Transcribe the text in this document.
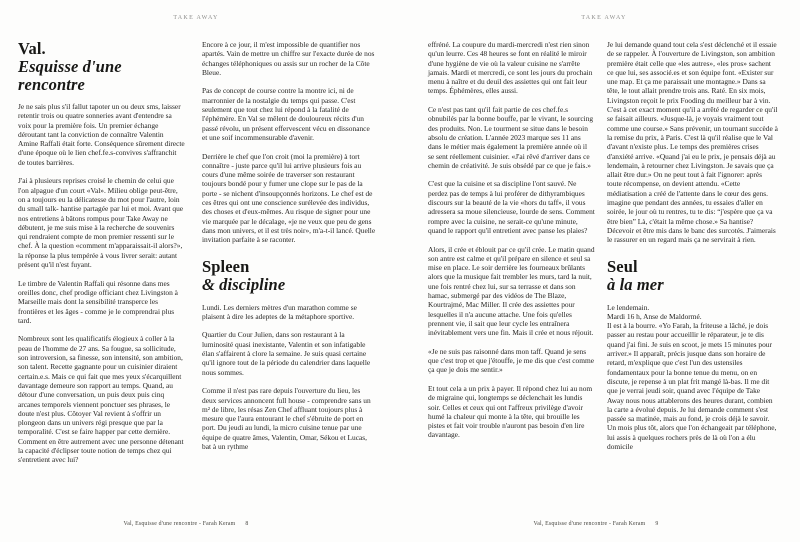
TAKE AWAY
Val.
Esquisse d'une
rencontre

Je ne sais plus s'il fallut tapoter un ou deux sms, laisser retentir trois ou quatre sonneries avant d'entendre sa voix pour la première fois. Un premier échange déroutant tant la conviction de connaître Valentin Amine Raffali était forte. Conséquence sûrement directe d'une époque où le lien chef.fe.s-convives s'affranchit de toutes barrières.

J'ai à plusieurs reprises croisé le chemin de celui que l'on alpague d'un court «Val». Milieu oblige peut-être, on a toujours eu la délicatesse du mot pour l'autre, loin du small talk- hantise partagée par lui et moi. Avant que nos entretiens à bâtons rompus pour Take Away ne débutent, je me suis mise à la recherche de souvenirs qui rendraient compte de mon premier ressenti sur le chef. À la question «comment m'apparaissait-il alors?», la réponse la plus tempérée à vous livrer serait: autant présent qu'il n'est fuyant.

Le timbre de Valentin Raffali qui résonne dans mes oreilles donc, chef prodige officiant chez Livingston à Marseille mais dont la sensibilité transperce les frontières et les âges - comme je le comprendrai plus tard.

Nombreux sont les qualificatifs élogieux à coller à la peau de l'homme de 27 ans. Sa fougue, sa sollicitude, son introversion, sa finesse, son intensité, son ambition, son talent. Recette gagnante pour un cuisinier diraient certain.e.s. Mais ce qui fait que mes yeux s'écarquillent davantage demeure son rapport au temps. Quand, au détour d'une conversation, un puis deux puis cinq arcanes temporels viennent ponctuer ses phrases, le doute n'est plus. Côtoyer Val revient à s'offrir un plongeon dans un univers régi presque que par la temporalité. C'est se faire happer par cette dernière. Comment en être autrement avec une personne détenant la capacité d'éclipser toute notion de temps chez qui s'entretient avec lui?

Encore à ce jour, il m'est impossible de quantifier nos apartés. Vain de mettre un chiffre sur l'exacte durée de nos échanges téléphoniques ou assis sur un rocher de la Côte Bleue.

Pas de concept de course contre la montre ici, ni de marronnier de la nostalgie du temps qui passe. C'est seulement que tout chez lui répond à la fatalité de l'éphémère. En Val se mêlent de douloureux récits d'un passé révolu, un présent effervescent vécu en dissonance et une soif incommensurable d'avenir.

Derrière le chef que l'on croit (moi la première) à tort connaître - juste parce qu'il lui arrive plusieurs fois au cours d'une même soirée de traverser son restaurant toujours bondé pour y fumer une clope sur le pas de la porte - se nichent d'insoupçonnés horizons. Le chef est de ces êtres qui ont une conscience surélevée des individus, des choses et d'eux-mêmes. Au risque de signer pour une vie marquée par le décalage, «je ne veux que peu de gens dans mon univers, et il est très noir», m'a-t-il lancé. Quelle invitation parfaite à se raconter.

Spleen
& discipline

Lundi. Les derniers mètres d'un marathon comme se plaisent à dire les adeptes de la métaphore sportive.

Quartier du Cour Julien, dans son restaurant à la luminosité quasi inexistante, Valentin et son infatigable élan s'affairent à clore la semaine. Je suis quasi certaine qu'il ignore tout de la période du calendrier dans laquelle nous sommes.

Comme il n'est pas rare depuis l'ouverture du lieu, les deux services annoncent full house - comprendre sans un m² de libre, les résas Zen Chef affluant toujours plus à mesure que l'aura entourant le chef s'ébruite de port en port. Du jeudi au lundi, la micro cuisine tenue par une équipe de quatre âmes, Valentin, Omar, Sékou et Lucas, bat à un rythme

Val, Esquisse d'une rencontre - Farah Keram 8
TAKE AWAY

effréné. La coupure du mardi-mercredi n'est rien sinon qu'un leurre. Ces 48 heures se font en réalité le miroir d'une hygiène de vie où la valeur cuisine ne s'arrête jamais. Mardi et mercredi, ce sont les jours du prochain menu à naître et du deuil des assiettes qui ont fait leur temps. Éphémères, elles aussi.

Ce n'est pas tant qu'il fait partie de ces chef.fe.s obnubilés par la bonne bouffe, par le vivant, le sourcing des produits. Non. Le tourment se situe dans le besoin absolu de création. L'année 2023 marque ses 11 ans dans le métier mais également la première année où il se sent réellement cuisinier. «J'ai rêvé d'arriver dans ce chemin de créativité. Je suis obsédé par ce que je fais.»

C'est que la cuisine et sa discipline l'ont sauvé. Ne perdez pas de temps à lui proférer de dithyrambiques discours sur la beauté de la vie «hors du taff», il vous adressera sa moue silencieuse, lourde de sens. Comment rompre avec la cuisine, ne serait-ce qu'une minute, quand le rapport qu'il entretient avec panse les plaies?

Alors, il crée et éblouit par ce qu'il crée. Le matin quand son antre est calme et qu'il prépare en silence et seul sa mise en place. Le soir derrière les fourneaux brûlants alors que la musique fait trembler les murs, tard la nuit, une fois rentré chez lui, sur sa terrasse et dans son hamac, submergé par des vidéos de The Blaze, Kourtrajmé, Mac Miller. Il crée des assiettes pour lesquelles il n'a aucune attache. Une fois qu'elles prennent vie, il sait que leur cycle les entraînera inévitablement vers une fin. Mais il crée et nous réjouit.

«Je ne suis pas raisonné dans mon taff. Quand je sens que c'est trop et que j'étouffe, je me dis que c'est comme ça que je dois me sentir.»

Et tout cela a un prix à payer. Il répond chez lui au nom de migraine qui, longtemps se déclenchait les lundis soir. Celles et ceux qui ont l'affreux privilège d'avoir humé la chaleur qui monte à la tête, qui brouille les pistes et fait voir trouble n'auront pas besoin d'en lire davantage.

Je lui demande quand tout cela s'est déclenché et il essaie de se rappeler. À l'ouverture de Livingston, son ambition première était celle que «les autres», «les pros» sachent ce que lui, ses associé.es et son équipe font. «Exister sur une map. Et ça me paraissait une montagne.» Dans sa tête, le tout allait prendre trois ans. Raté. En six mois, Livingston reçoit le prix Fooding du meilleur bar à vin. C'est à cet exact moment qu'il a arrêté de regarder ce qu'il se faisait ailleurs. «Jusque-là, je voyais vraiment tout comme une course.» Sans prévenir, un tournant succède à la remise du prix, à Paris. C'est là qu'il réalise que le Val d'avant n'existe plus. Le temps des premières crises d'anxiété arrive. «Quand j'ai eu le prix, je pensais déjà au lendemain, à retourner chez Livingston. Je savais que ça allait être dur.» On ne peut tout à fait l'ignorer: après toute récompense, on devient attendu. «Cette médiatisation a créé de l'attente dans le cœur des gens. imagine que pendant des années, tu essaies d'aller en soirée, le jour où tu rentres, tu te dis: “j'espère que ça va être bien” Là, c'était la même chose.» Sa hantise? Décevoir et être mis dans le banc des surcotés. J'aimerais le rassurer en un regard mais ça ne servirait à rien.

Seul
à la mer

Le lendemain.

Mardi 16 h, Anse de Maldormé.

Il est à la bourre. «Yo Farah, la friteuse a lâché, je dois passer au restau pour accueillir le réparateur, je te dis quand j'ai fini. Je suis en scoot, je mets 15 minutes pour arriver.» Il apparaît, précis jusque dans son horaire de retard, m'explique que c'est l'un des ustensiles fondamentaux pour la bonne tenue du menu, on en discute, je repense à un plat frit mangé là-bas. Il me dit que je verrai jeudi soir, quand avec l'équipe de Take Away nous nous attablerons des heures durant, combien la carte a évolué depuis. Je lui demande comment s'est passée sa matinée, mais au fond, je crois déjà le savoir. Un mois plus tôt, alors que l'on échangeait par téléphone, lui assis à quelques rochers près de là où l'on a élu domicile

Val, Esquisse d'une rencontre - Farah Keram 9
